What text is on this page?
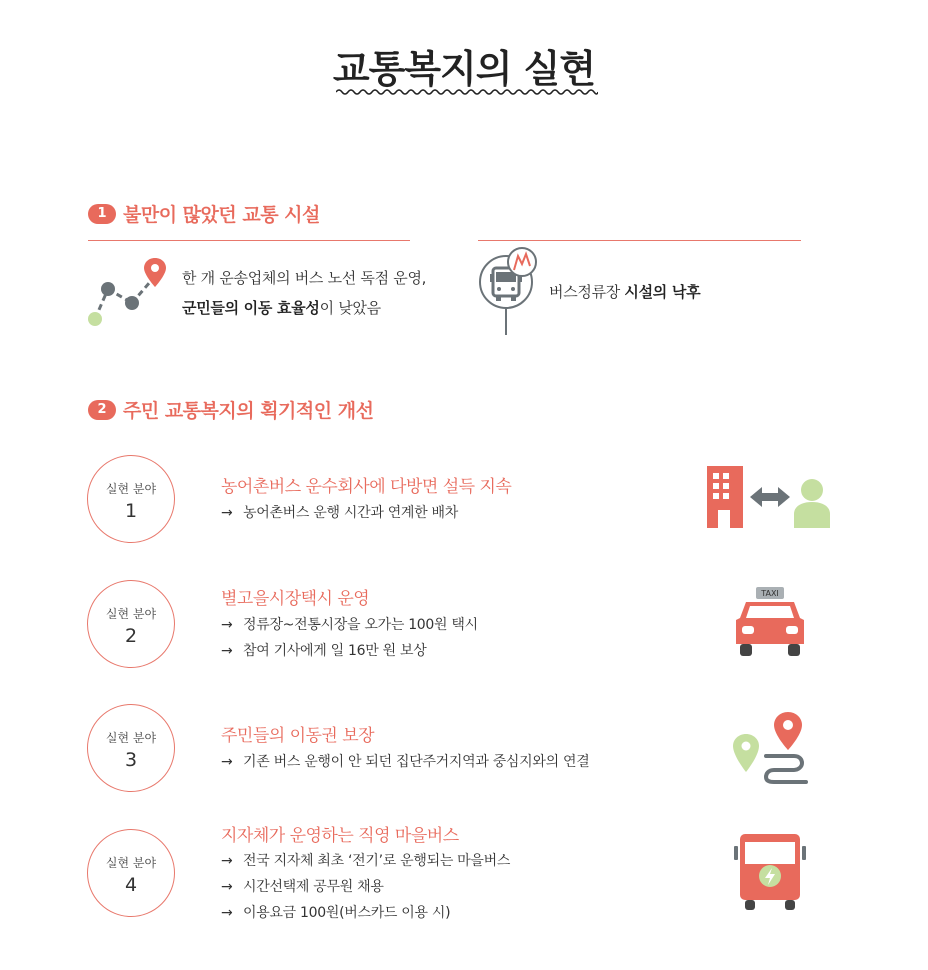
교통복지의 실현
1 불만이 많았던 교통 시설
한 개 운송업체의 버스 노선 독점 운영,
군민들의 이동 효율성이 낮았음
버스정류장 시설의 낙후
2 주민 교통복지의 획기적인 개선
실현 분야
1
농어촌버스 운수회사에 다방면 설득 지속
→ 농어촌버스 운행 시간과 연계한 배차
실현 분야
2
별고을시장택시 운영
→ 정류장~전통시장을 오가는 100원 택시
→ 참여 기사에게 일 16만 원 보상
TAXI
실현 분야
3
주민들의 이동권 보장
→ 기존 버스 운행이 안 되던 집단주거지역과 중심지와의 연결
실현 분야
4
지자체가 운영하는 직영 마을버스
→ 전국 지자체 최초 ‘전기’로 운행되는 마을버스
→ 시간선택제 공무원 채용
→ 이용요금 100원(버스카드 이용 시)
